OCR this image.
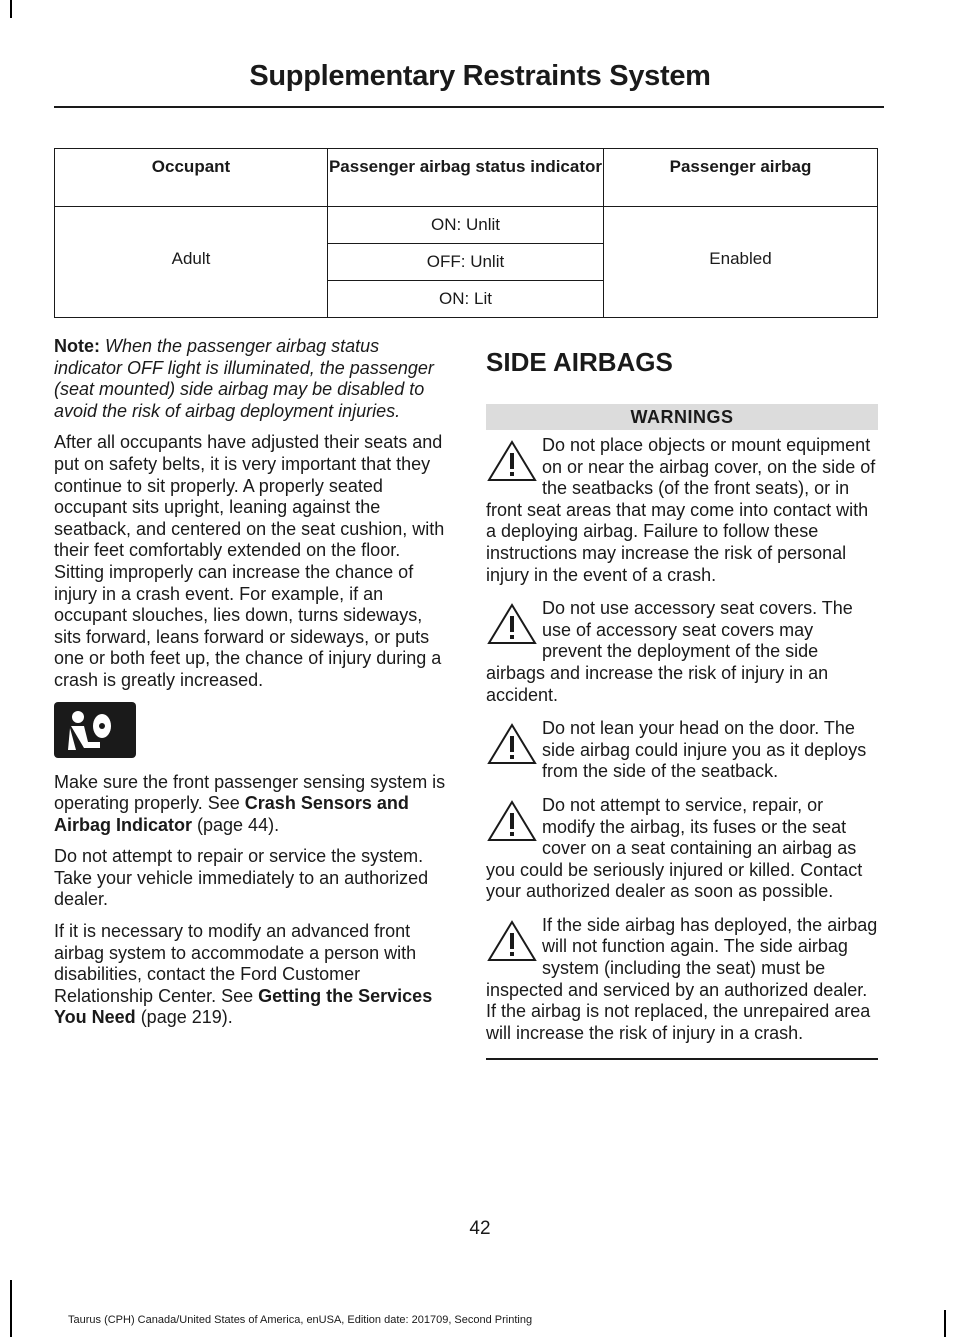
Supplementary Restraints System
Occupant	Passenger airbag status indicator	Passenger airbag
Adult	ON: Unlit	Enabled
	OFF: Unlit	
	ON: Lit	

Note: When the passenger airbag status indicator OFF light is illuminated, the passenger (seat mounted) side airbag may be disabled to avoid the risk of airbag deployment injuries.

After all occupants have adjusted their seats and put on safety belts, it is very important that they continue to sit properly. A properly seated occupant sits upright, leaning against the seatback, and centered on the seat cushion, with their feet comfortably extended on the floor. Sitting improperly can increase the chance of injury in a crash event. For example, if an occupant slouches, lies down, turns sideways, sits forward, leans forward or sideways, or puts one or both feet up, the chance of injury during a crash is greatly increased.

Make sure the front passenger sensing system is operating properly. See Crash Sensors and Airbag Indicator (page 44).

Do not attempt to repair or service the system. Take your vehicle immediately to an authorized dealer.

If it is necessary to modify an advanced front airbag system to accommodate a person with disabilities, contact the Ford Customer Relationship Center. See Getting the Services You Need (page 219).

SIDE AIRBAGS
WARNINGS
Do not place objects or mount equipment on or near the airbag cover, on the side of the seatbacks (of the front seats), or in front seat areas that may come into contact with a deploying airbag. Failure to follow these instructions may increase the risk of personal injury in the event of a crash.
Do not use accessory seat covers. The use of accessory seat covers may prevent the deployment of the side airbags and increase the risk of injury in an accident.
Do not lean your head on the door. The side airbag could injure you as it deploys from the side of the seatback.
Do not attempt to service, repair, or modify the airbag, its fuses or the seat cover on a seat containing an airbag as you could be seriously injured or killed. Contact your authorized dealer as soon as possible.
If the side airbag has deployed, the airbag will not function again. The side airbag system (including the seat) must be inspected and serviced by an authorized dealer. If the airbag is not replaced, the unrepaired area will increase the risk of injury in a crash.
42
Taurus (CPH) Canada/United States of America, enUSA, Edition date: 201709, Second Printing
